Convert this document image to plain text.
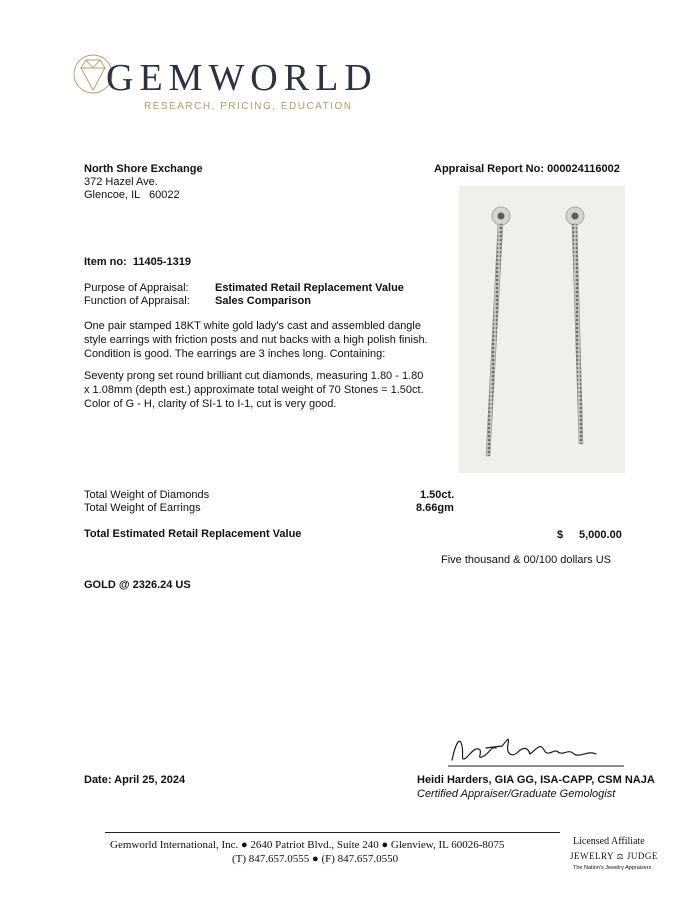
GEMWORLD
RESEARCH, PRICING, EDUCATION
North Shore Exchange
372 Hazel Ave.
Glencoe, IL   60022
Appraisal Report No: 000024116002
Item no: 11405-1319
Purpose of Appraisal: Estimated Retail Replacement Value
Function of Appraisal: Sales Comparison
One pair stamped 18KT white gold lady's cast and assembled dangle style earrings with friction posts and nut backs with a high polish finish. Condition is good. The earrings are 3 inches long. Containing:
Seventy prong set round brilliant cut diamonds, measuring 1.80 - 1.80 x 1.08mm (depth est.) approximate total weight of 70 Stones = 1.50ct. Color of G - H, clarity of SI-1 to I-1, cut is very good.
Total Weight of Diamonds	1.50ct.
Total Weight of Earrings	8.66gm
Total Estimated Retail Replacement Value	$ 5,000.00
Five thousand & 00/100 dollars US
GOLD @ 2326.24 US
Date: April 25, 2024	Heidi Harders, GIA GG, ISA-CAPP, CSM NAJA
Certified Appraiser/Graduate Gemologist
Gemworld International, Inc. ● 2640 Patriot Blvd., Suite 240 ● Glenview, IL 60026-8075
(T) 847.657.0555 ● (F) 847.657.0550
Licensed Affiliate
JEWELRY ⚖ JUDGE
The Nation's Jewelry Appraisers
